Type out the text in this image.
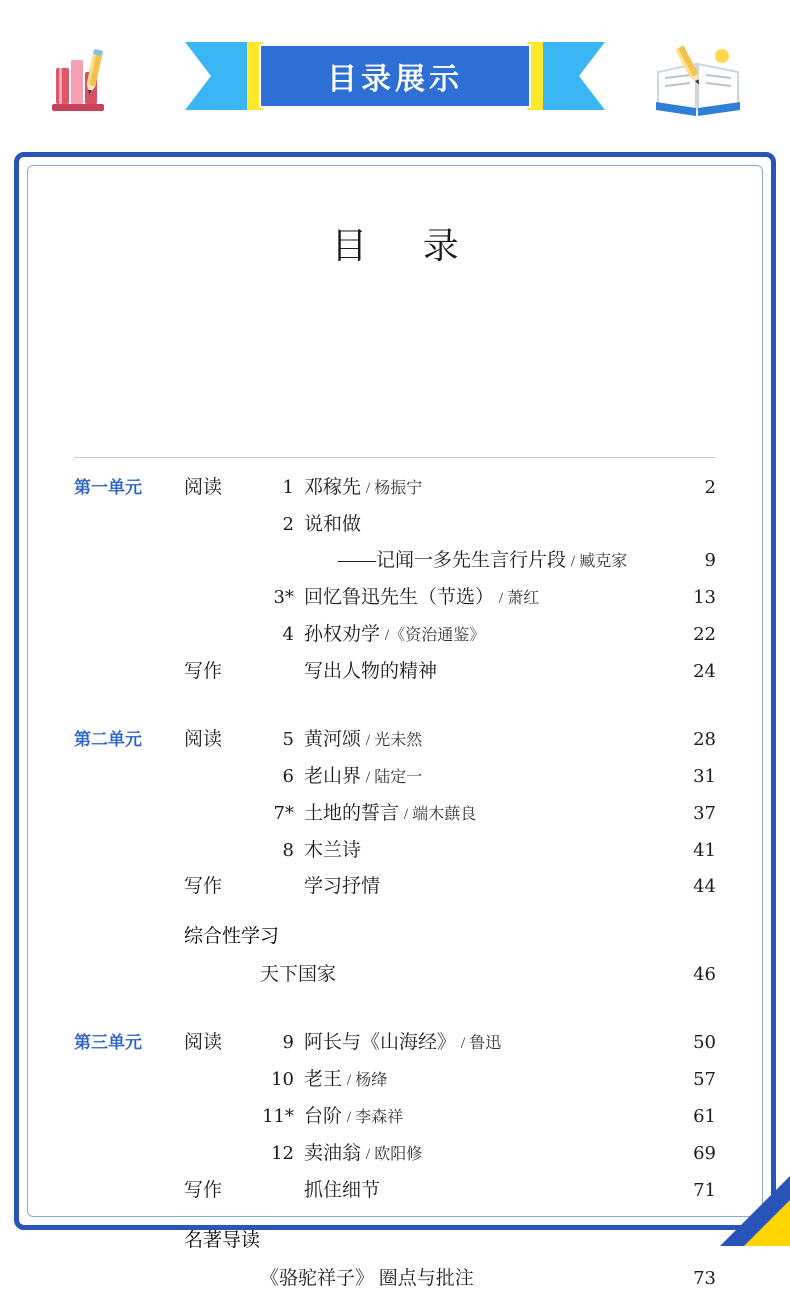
目录展示
目 录
第一单元	阅读	1 邓稼先 / 杨振宁	2
2 说和做
——记闻一多先生言行片段 / 臧克家	9
3* 回忆鲁迅先生（节选） / 萧红	13
4 孙权劝学 /《资治通鉴》	22
写作	写出人物的精神	24
第二单元	阅读	5 黄河颂 / 光未然	28
6 老山界 / 陆定一	31
7* 土地的誓言 / 端木蕻良	37
8 木兰诗	41
写作	学习抒情	44
综合性学习
天下国家	46
第三单元	阅读	9 阿长与《山海经》 / 鲁迅	50
10 老王 / 杨绛	57
11* 台阶 / 李森祥	61
12 卖油翁 / 欧阳修	69
写作	抓住细节	71
名著导读
《骆驼祥子》 圈点与批注	73
